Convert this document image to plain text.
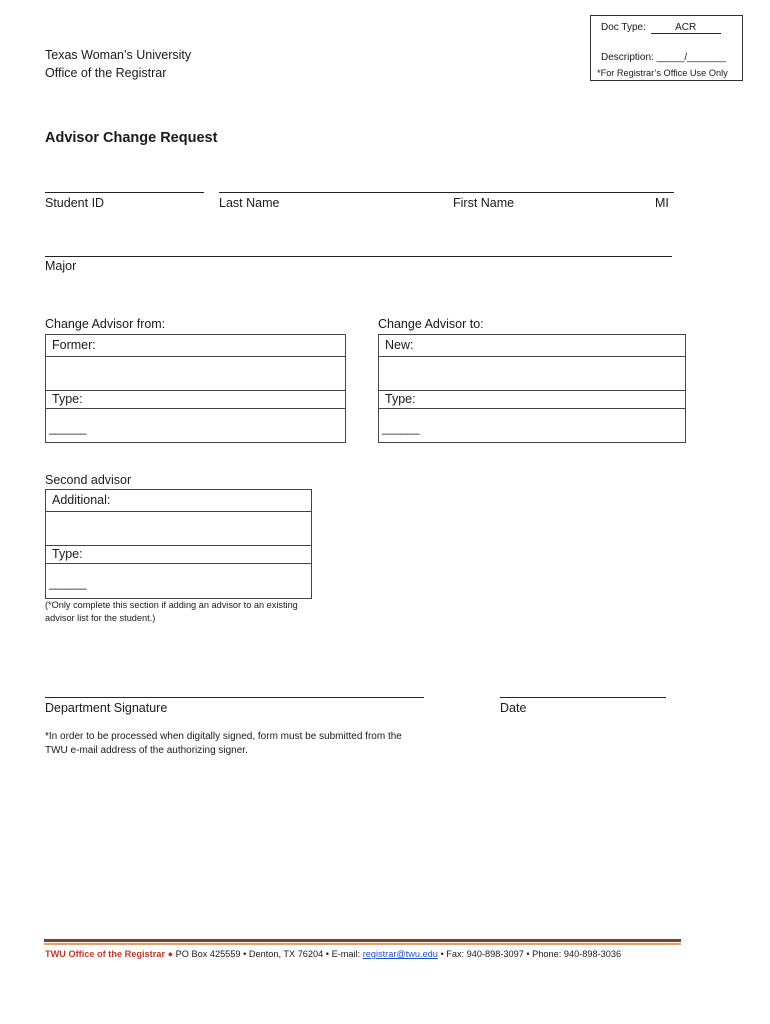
Texas Woman’s University
Office of the Registrar
Doc Type:	ACR
Description: _____/_______
*For Registrar’s Office Use Only
Advisor Change Request
Student ID	Last Name	First Name	MI
Major
Change Advisor from:
Former:
Type:
______
Change Advisor to:
New:
Type:
______
Second advisor
Additional:
Type:
______
(*Only complete this section if adding an advisor to an existing
advisor list for the student.)
Department Signature	Date
*In order to be processed when digitally signed, form must be submitted from the
TWU e-mail address of the authorizing signer.
TWU Office of the Registrar ● PO Box 425559 • Denton, TX 76204 • E-mail: registrar@twu.edu • Fax: 940-898-3097 • Phone: 940-898-3036
